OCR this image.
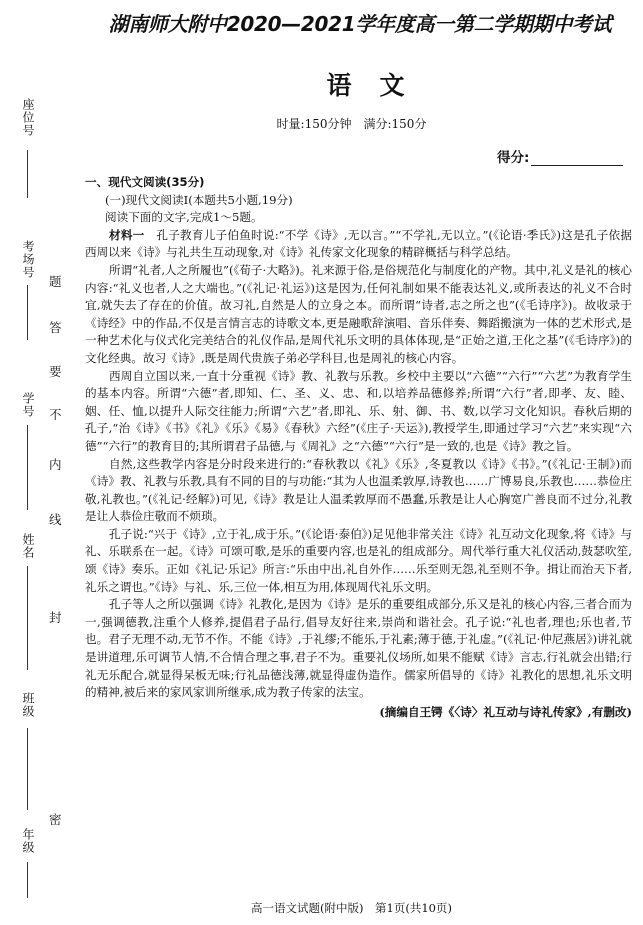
座位号
考场号
学号
姓名
班级
年级
密
封
线
内
不
要
答
题
湖南师大附中2020—2021学年度高一第二学期期中考试
语文
时量:150分钟　满分:150分
得分:

一、现代文阅读(35分)

(一)现代文阅读Ⅰ(本题共5小题,19分)

阅读下面的文字,完成1～5题。

材料一　 孔子教育儿子伯鱼时说:“不学《诗》,无以言。”“不学礼,无以立。”(《论语·季氏》)这是孔子依据西周以来《诗》与礼共生互动现象,对《诗》礼传家文化现象的精辟概括与科学总结。

所谓“礼者,人之所履也”(《荀子·大略》)。礼来源于俗,是俗规范化与制度化的产物。其中,礼义是礼的核心内容:“礼义也者,人之大端也。”(《礼记·礼运》)这是因为,任何礼制如果不能表达礼义,或所表达的礼义不合时宜,就失去了存在的价值。故习礼,自然是人的立身之本。而所谓“诗者,志之所之也”(《毛诗序》)。故收录于《诗经》中的作品,不仅是言情言志的诗歌文本,更是融歌辞演唱、音乐伴奏、舞蹈搬演为一体的艺术形式,是一种艺术化与仪式化完美结合的礼仪作品,是周代礼乐文明的具体体现,是“正始之道,王化之基”(《毛诗序》)的文化经典。故习《诗》,既是周代贵族子弟必学科目,也是周礼的核心内容。

西周自立国以来,一直十分重视《诗》教、礼教与乐教。乡校中主要以“六德”“六行”“六艺”为教育学生的基本内容。所谓“六德”者,即知、仁、圣、义、忠、和,以培养品德修养;所谓“六行”者,即孝、友、睦、姻、任、恤,以提升人际交往能力;所谓“六艺”者,即礼、乐、射、御、书、数,以学习文化知识。春秋后期的孔子,“治《诗》《书》《礼》《乐》《易》《春秋》六经”(《庄子·天运》),教授学生,即通过学习“六艺”来实现“六德”“六行”的教育目的;其所谓君子品德,与《周礼》之“六德”“六行”是一致的,也是《诗》教之旨。

自然,这些教学内容是分时段来进行的:“春秋教以《礼》《乐》,冬夏教以《诗》《书》。”(《礼记·王制》)而《诗》教、礼教与乐教,具有不同的目的与功能:“其为人也温柔敦厚,诗教也……广博易良,乐教也……恭俭庄敬,礼教也。”(《礼记·经解》)可见,《诗》教是让人温柔敦厚而不愚蠢,乐教是让人心胸宽广善良而不过分,礼教是让人恭俭庄敬而不烦琐。

孔子说:“兴于《诗》,立于礼,成于乐。”(《论语·泰伯》)足见他非常关注《诗》礼互动文化现象,将《诗》与礼、乐联系在一起。《诗》可颂可歌,是乐的重要内容,也是礼的组成部分。周代举行重大礼仪活动,鼓瑟吹笙,颂《诗》奏乐。正如《礼记·乐记》所言:“乐由中出,礼自外作……乐至则无怨,礼至则不争。揖让而治天下者,礼乐之谓也。”《诗》与礼、乐,三位一体,相互为用,体现周代礼乐文明。

孔子等人之所以强调《诗》礼教化,是因为《诗》是乐的重要组成部分,乐又是礼的核心内容,三者合而为一,强调德教,注重个人修养,提倡君子品行,倡导友好往来,崇尚和谐社会。孔子说:“礼也者,理也;乐也者,节也。君子无理不动,无节不作。不能《诗》,于礼缪;不能乐,于礼素;薄于德,于礼虚。”(《礼记·仲尼燕居》)讲礼就是讲道理,乐可调节人情,不合情合理之事,君子不为。重要礼仪场所,如果不能赋《诗》言志,行礼就会出错;行礼无乐配合,就显得呆板无味;行礼品德浅薄,就显得虚伪造作。儒家所倡导的《诗》礼教化的思想,礼乐文明的精神,被后来的家风家训所继承,成为教子传家的法宝。

(摘编自王锷《〈诗〉礼互动与诗礼传家》,有删改)

高一语文试题(附中版)　第1页(共10页)
